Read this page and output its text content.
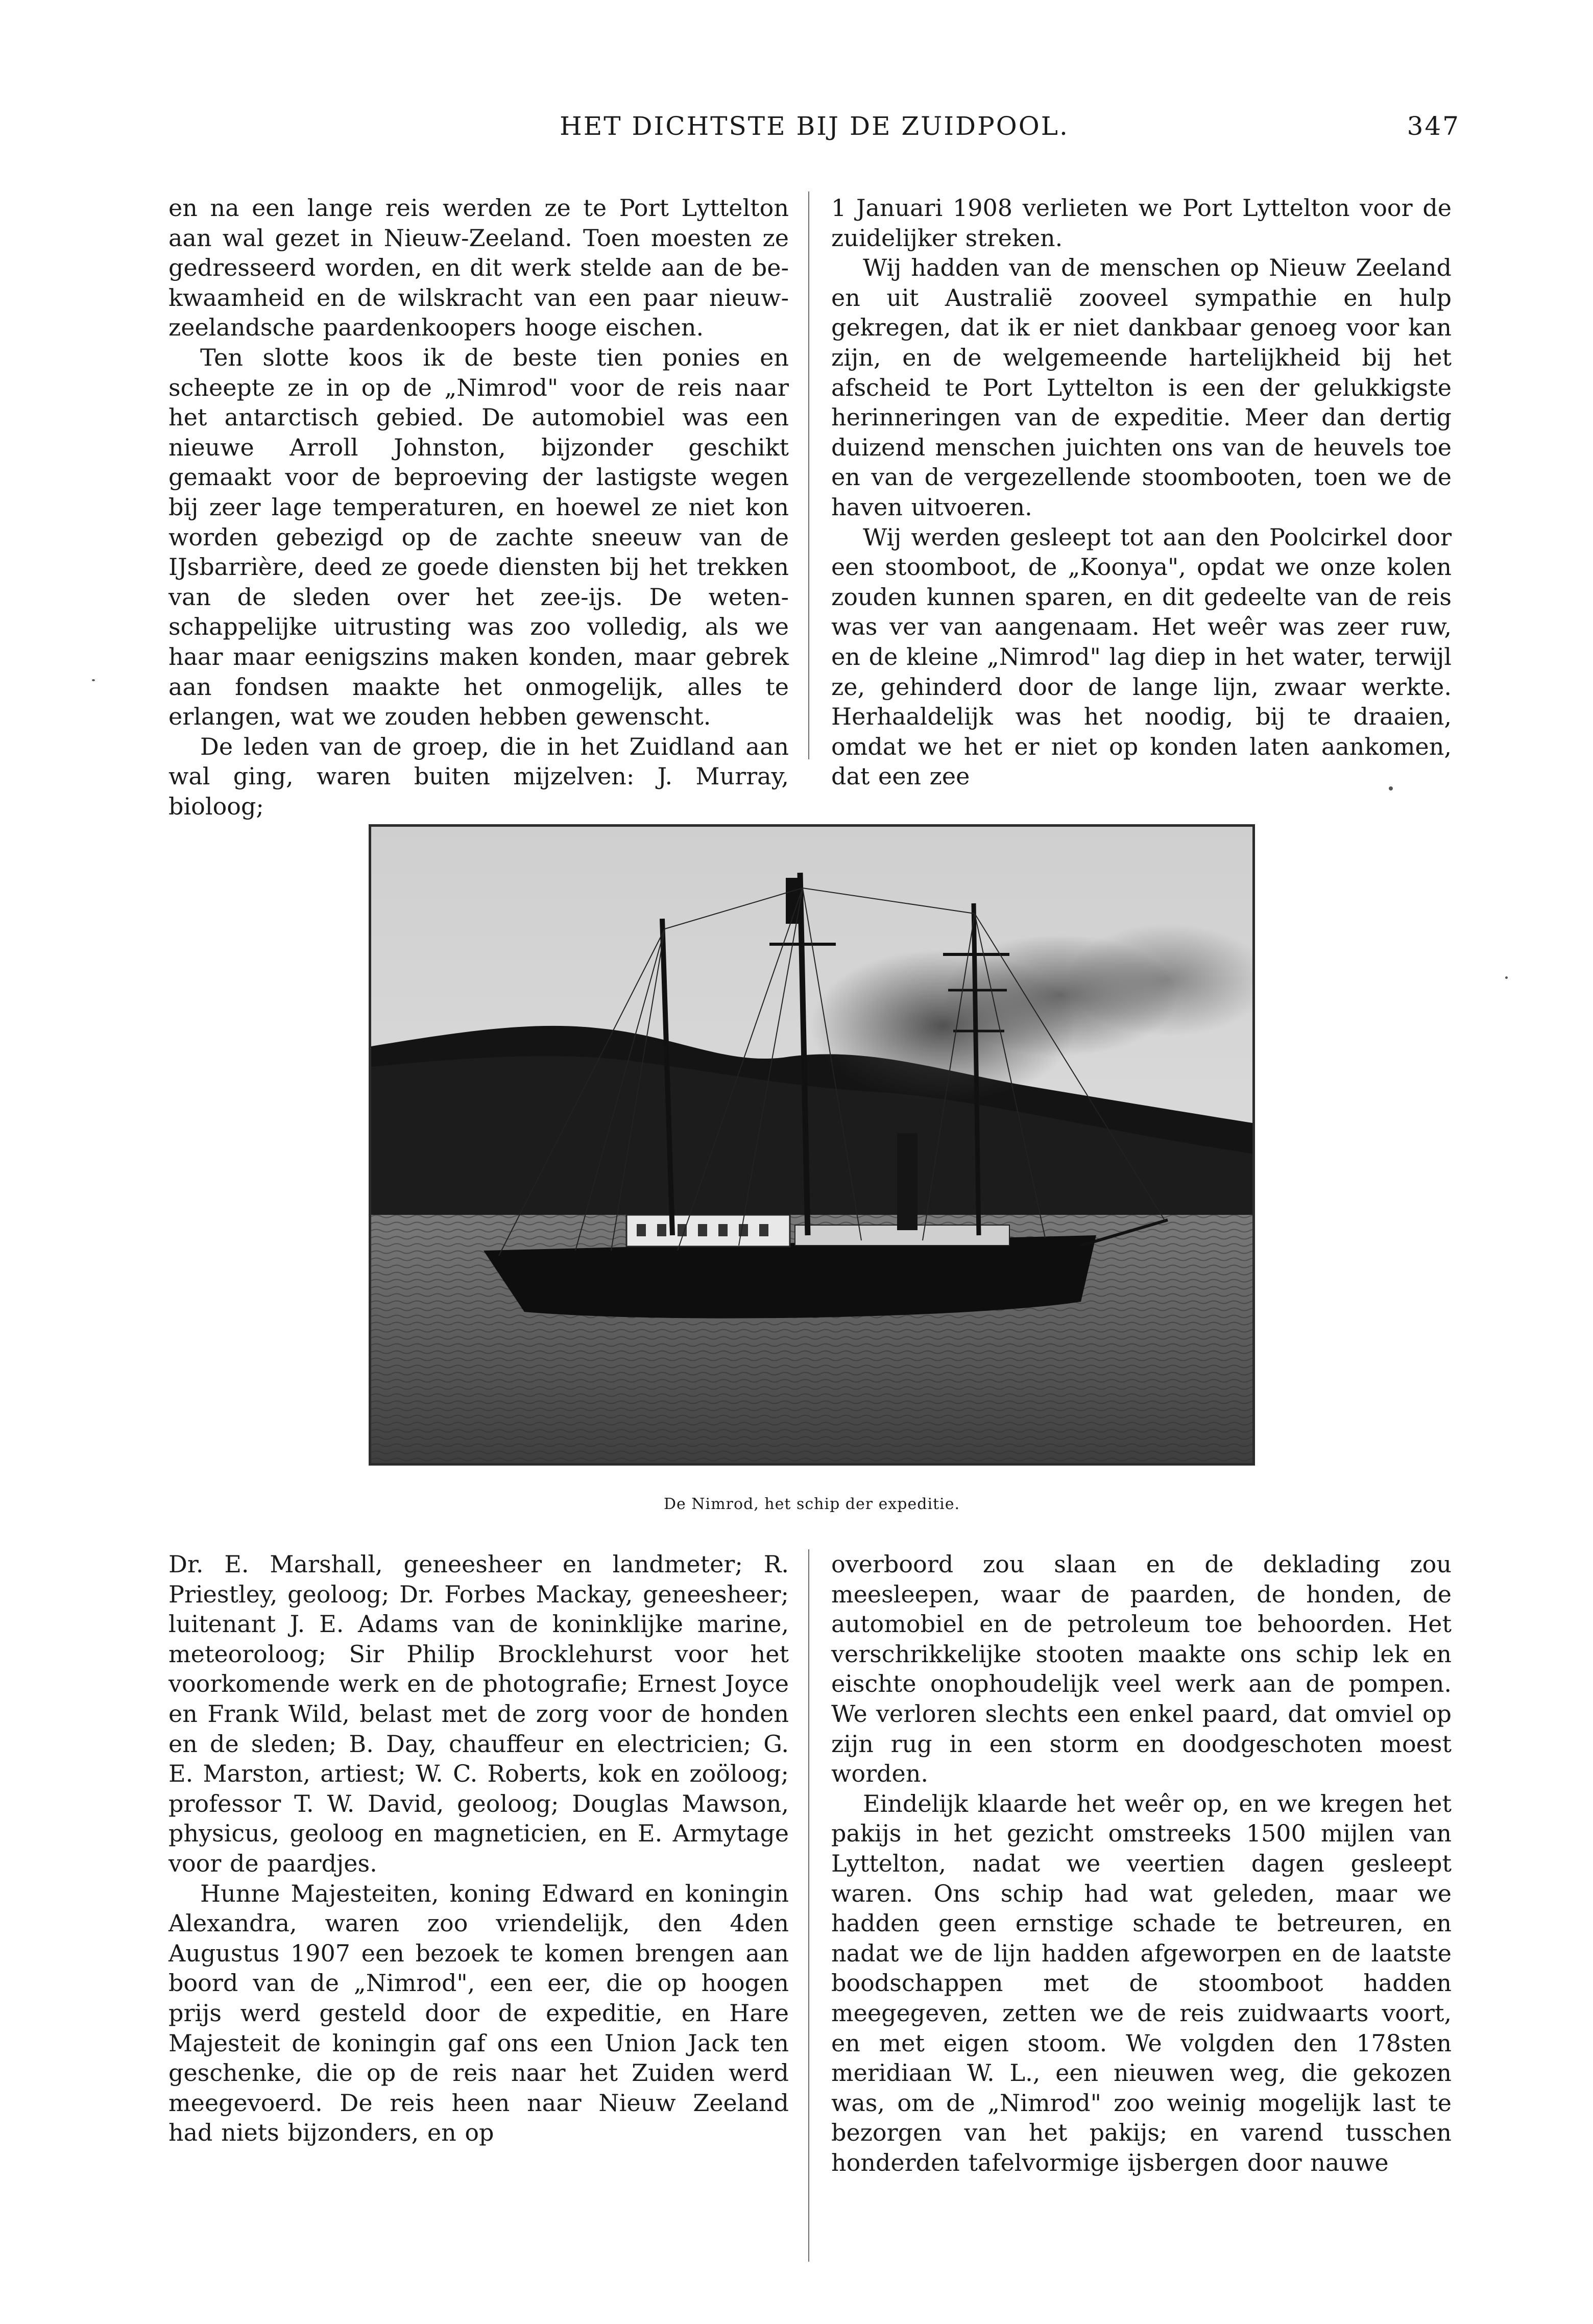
HET DICHTSTE BIJ DE ZUIDPOOL.	347

en na een lange reis werden ze te Port Lyttelton aan wal gezet in Nieuw-Zeeland. Toen moesten ze gedresseerd worden, en dit werk stelde aan de bekwaamheid en de wilskracht van een paar nieuwzeelandsche paardenkoopers hooge eischen.

Ten slotte koos ik de beste tien ponies en scheepte ze in op de „Nimrod" voor de reis naar het antarctisch gebied. De automobiel was een nieuwe Arroll Johnston, bijzonder geschikt gemaakt voor de beproeving der lastigste wegen bij zeer lage temperaturen, en hoewel ze niet kon worden gebezigd op de zachte sneeuw van de IJsbarrière, deed ze goede diensten bij het trekken van de sleden over het zee-ijs. De wetenschappelijke uitrusting was zoo volledig, als we haar maar eenigszins maken konden, maar gebrek aan fondsen maakte het onmogelijk, alles te erlangen, wat we zouden hebben gewenscht.

De leden van de groep, die in het Zuidland aan wal ging, waren buiten mijzelven: J. Murray, bioloog;

1 Januari 1908 verlieten we Port Lyttelton voor de zuidelijker streken.

Wij hadden van de menschen op Nieuw Zeeland en uit Australië zooveel sympathie en hulp gekregen, dat ik er niet dankbaar genoeg voor kan zijn, en de welgemeende hartelijkheid bij het afscheid te Port Lyttelton is een der gelukkigste herinneringen van de expeditie. Meer dan dertig duizend menschen juichten ons van de heuvels toe en van de vergezellende stoombooten, toen we de haven uitvoeren.

Wij werden gesleept tot aan den Poolcirkel door een stoomboot, de „Koonya", opdat we onze kolen zouden kunnen sparen, en dit gedeelte van de reis was ver van aangenaam. Het weêr was zeer ruw, en de kleine „Nimrod" lag diep in het water, terwijl ze, gehinderd door de lange lijn, zwaar werkte. Herhaaldelijk was het noodig, bij te draaien, omdat we het er niet op konden laten aankomen, dat een zee

De Nimrod, het schip der expeditie.

Dr. E. Marshall, geneesheer en landmeter; R. Priestley, geoloog; Dr. Forbes Mackay, geneesheer; luitenant J. E. Adams van de koninklijke marine, meteoroloog; Sir Philip Brocklehurst voor het voorkomende werk en de photografie; Ernest Joyce en Frank Wild, belast met de zorg voor de honden en de sleden; B. Day, chauffeur en electricien; G. E. Marston, artiest; W. C. Roberts, kok en zoöloog; professor T. W. David, geoloog; Douglas Mawson, physicus, geoloog en magneticien, en E. Armytage voor de paardjes.

Hunne Majesteiten, koning Edward en koningin Alexandra, waren zoo vriendelijk, den 4den Augustus 1907 een bezoek te komen brengen aan boord van de „Nimrod", een eer, die op hoogen prijs werd gesteld door de expeditie, en Hare Majesteit de koningin gaf ons een Union Jack ten geschenke, die op de reis naar het Zuiden werd meegevoerd. De reis heen naar Nieuw Zeeland had niets bijzonders, en op

overboord zou slaan en de deklading zou meesleepen, waar de paarden, de honden, de automobiel en de petroleum toe behoorden. Het verschrikkelijke stooten maakte ons schip lek en eischte onophoudelijk veel werk aan de pompen. We verloren slechts een enkel paard, dat omviel op zijn rug in een storm en doodgeschoten moest worden.

Eindelijk klaarde het weêr op, en we kregen het pakijs in het gezicht omstreeks 1500 mijlen van Lyttelton, nadat we veertien dagen gesleept waren. Ons schip had wat geleden, maar we hadden geen ernstige schade te betreuren, en nadat we de lijn hadden afgeworpen en de laatste boodschappen met de stoomboot hadden meegegeven, zetten we de reis zuidwaarts voort, en met eigen stoom. We volgden den 178sten meridiaan W. L., een nieuwen weg, die gekozen was, om de „Nimrod" zoo weinig mogelijk last te bezorgen van het pakijs; en varend tusschen honderden tafelvormige ijsbergen door nauwe
